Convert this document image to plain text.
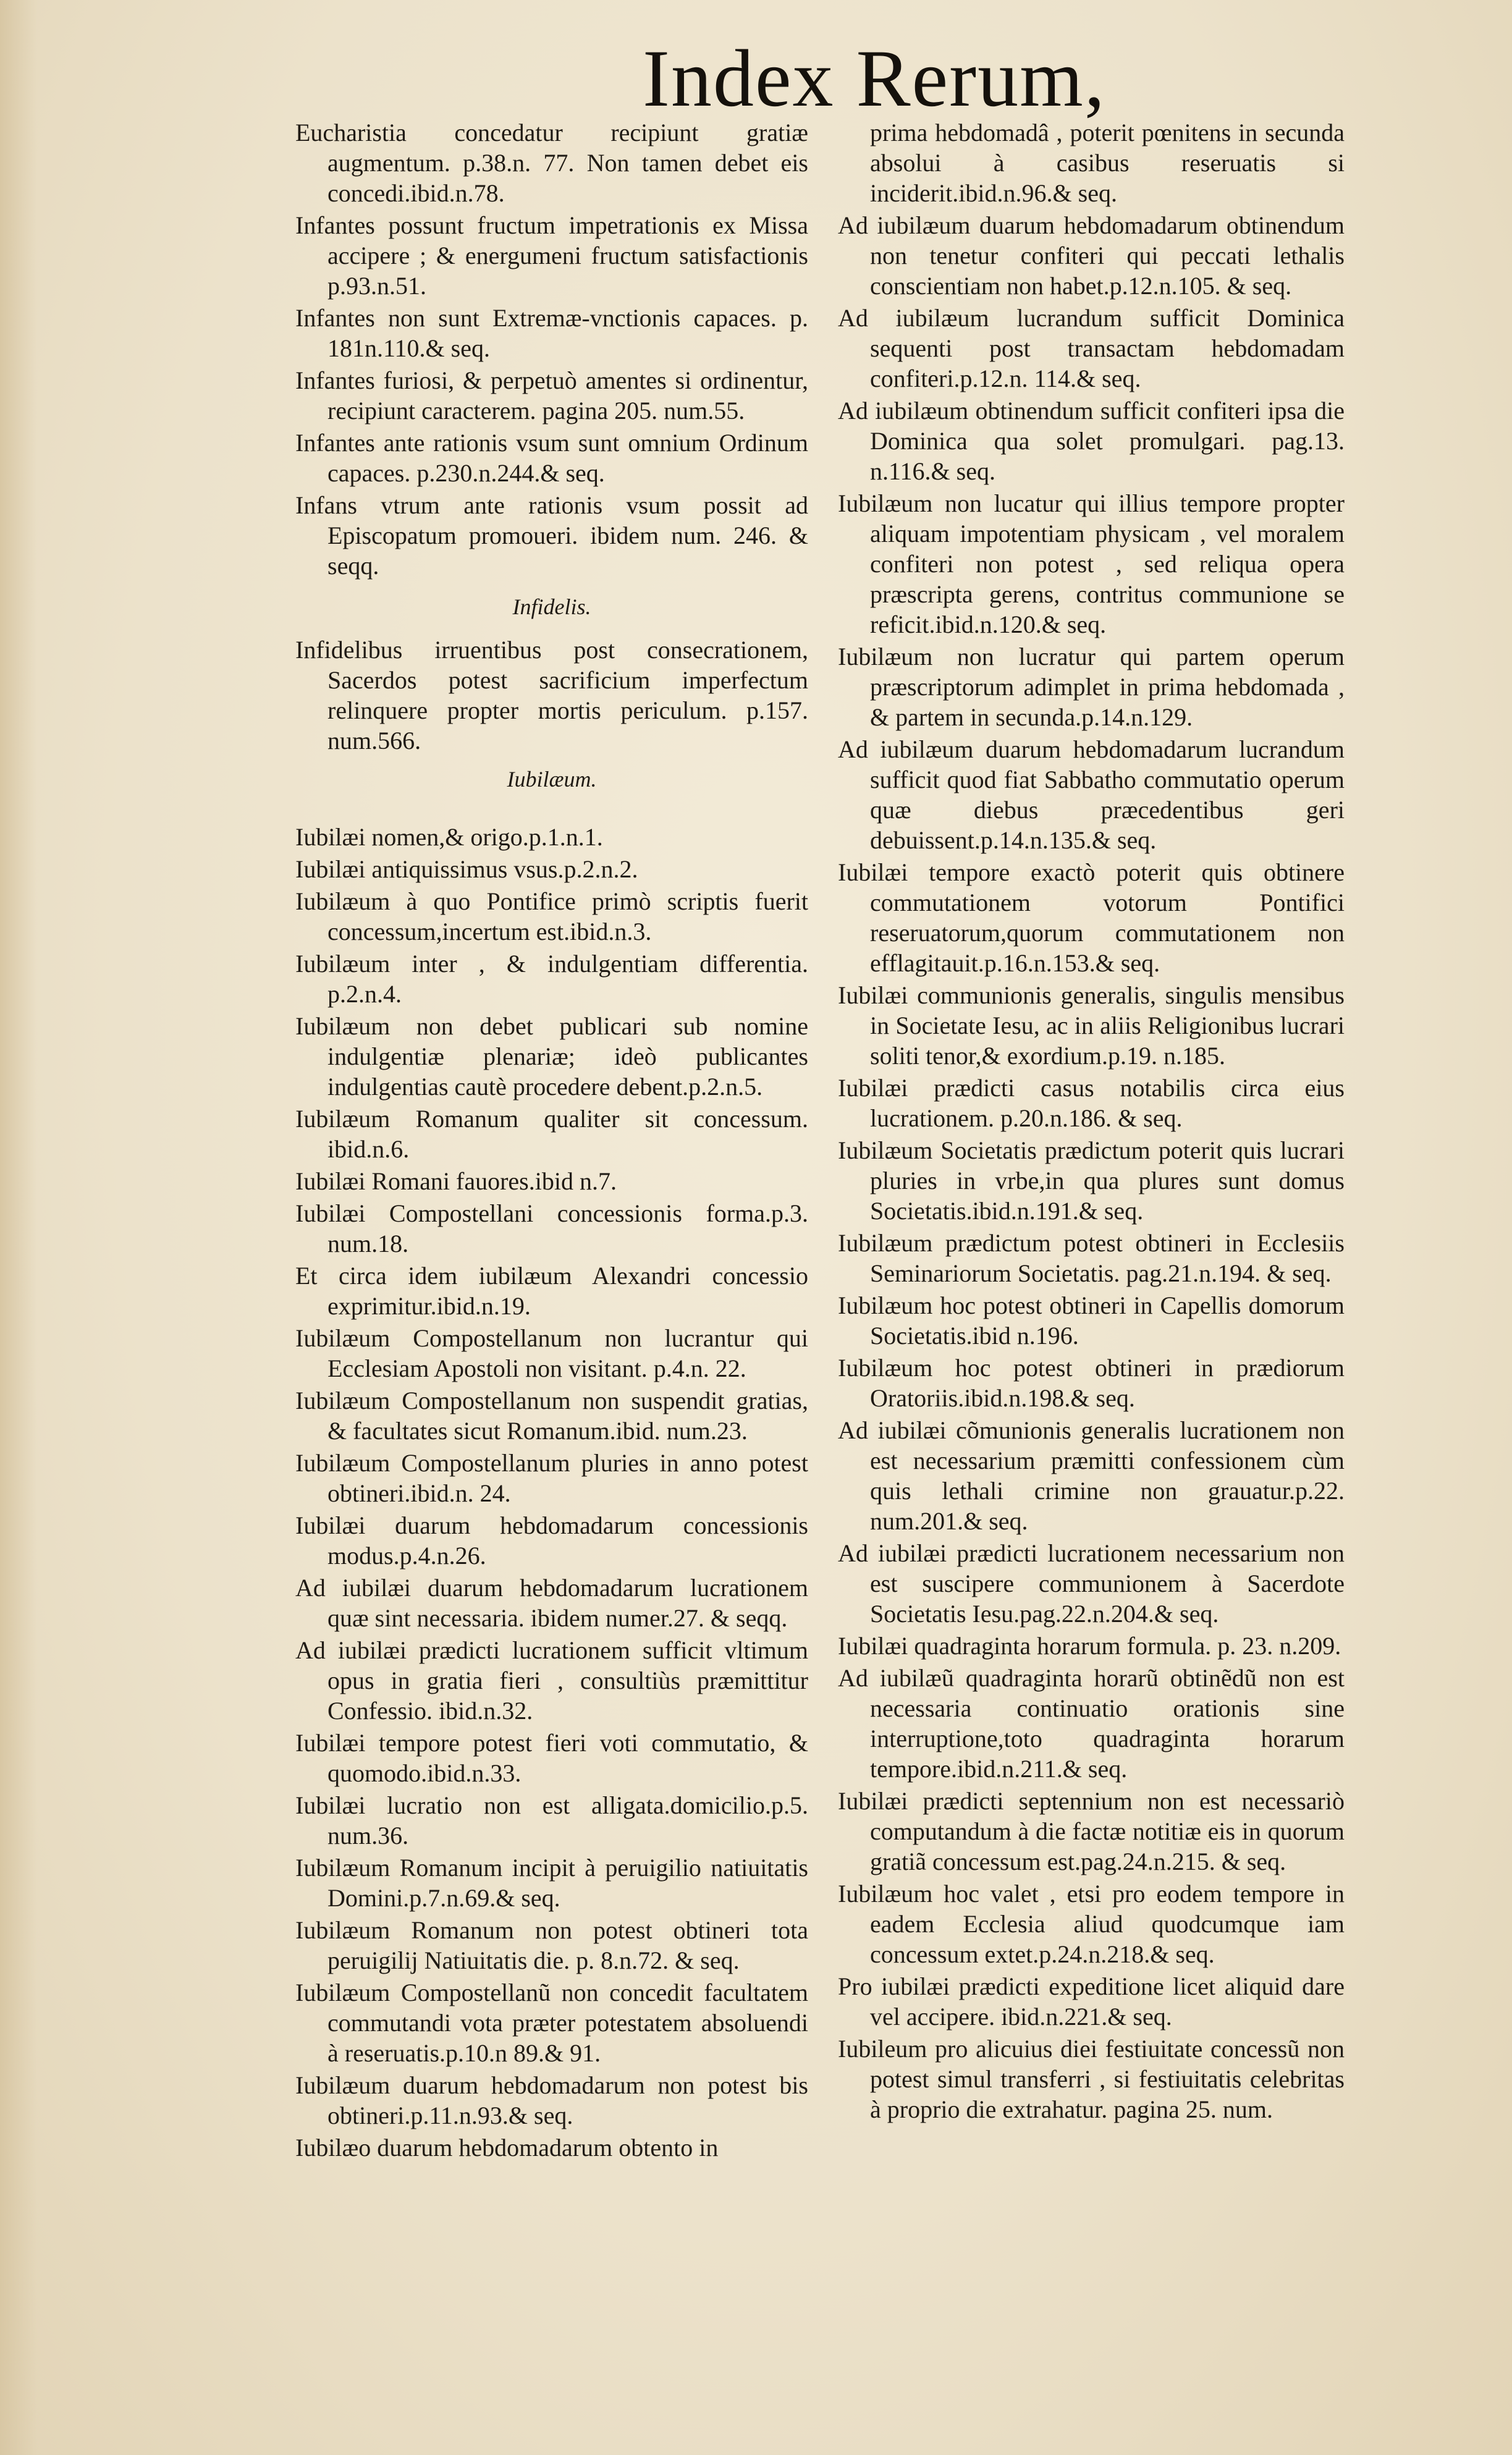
Index Rerum,

Eucharistia concedatur recipiunt gratiæ augmentum. p.38.n. 77. Non tamen debet eis concedi.ibid.n.78.

Infantes possunt fructum impetrationis ex Missa accipere ; & energumeni fructum satisfactionis p.93.n.51.

Infantes non sunt Extremæ-vnctionis capaces. p. 181n.110.& seq.

Infantes furiosi, & perpetuò amentes si ordinentur, recipiunt caracterem. pagina 205. num.55.

Infantes ante rationis vsum sunt omnium Ordinum capaces. p.230.n.244.& seq.

Infans vtrum ante rationis vsum possit ad Episcopatum promoueri. ibidem num. 246. & seqq.

Infidelis.

Infidelibus irruentibus post consecrationem, Sacerdos potest sacrificium imperfectum relinquere propter mortis periculum. p.157. num.566.

Iubilæum.

Iubilæi nomen,& origo.p.1.n.1.

Iubilæi antiquissimus vsus.p.2.n.2.

Iubilæum à quo Pontifice primò scriptis fuerit concessum,incertum est.ibid.n.3.

Iubilæum inter , & indulgentiam differentia. p.2.n.4.

Iubilæum non debet publicari sub nomine indulgentiæ plenariæ; ideò publicantes indulgentias cautè procedere debent.p.2.n.5.

Iubilæum Romanum qualiter sit concessum. ibid.n.6.

Iubilæi Romani fauores.ibid n.7.

Iubilæi Compostellani concessionis forma.p.3. num.18.

Et circa idem iubilæum Alexandri concessio exprimitur.ibid.n.19.

Iubilæum Compostellanum non lucrantur qui Ecclesiam Apostoli non visitant. p.4.n. 22.

Iubilæum Compostellanum non suspendit gratias, & facultates sicut Romanum.ibid. num.23.

Iubilæum Compostellanum pluries in anno potest obtineri.ibid.n. 24.

Iubilæi duarum hebdomadarum concessionis modus.p.4.n.26.

Ad iubilæi duarum hebdomadarum lucrationem quæ sint necessaria. ibidem numer.27. & seqq.

Ad iubilæi prædicti lucrationem sufficit vltimum opus in gratia fieri , consultiùs præmittitur Confessio. ibid.n.32.

Iubilæi tempore potest fieri voti commutatio, & quomodo.ibid.n.33.

Iubilæi lucratio non est alligata.domicilio.p.5. num.36.

Iubilæum Romanum incipit à peruigilio natiuitatis Domini.p.7.n.69.& seq.

Iubilæum Romanum non potest obtineri tota peruigilij Natiuitatis die. p. 8.n.72. & seq.

Iubilæum Compostellanũ non concedit facultatem commutandi vota præter potestatem absoluendi à reseruatis.p.10.n 89.& 91.

Iubilæum duarum hebdomadarum non potest bis obtineri.p.11.n.93.& seq.

Iubilæo duarum hebdomadarum obtento in

prima hebdomadâ , poterit pœnitens in secunda absolui à casibus reseruatis si inciderit.ibid.n.96.& seq.

Ad iubilæum duarum hebdomadarum obtinendum non tenetur confiteri qui peccati lethalis conscientiam non habet.p.12.n.105. & seq.

Ad iubilæum lucrandum sufficit Dominica sequenti post transactam hebdomadam confiteri.p.12.n. 114.& seq.

Ad iubilæum obtinendum sufficit confiteri ipsa die Dominica qua solet promulgari. pag.13. n.116.& seq.

Iubilæum non lucatur qui illius tempore propter aliquam impotentiam physicam , vel moralem confiteri non potest , sed reliqua opera præscripta gerens, contritus communione se reficit.ibid.n.120.& seq.

Iubilæum non lucratur qui partem operum præscriptorum adimplet in prima hebdomada , & partem in secunda.p.14.n.129.

Ad iubilæum duarum hebdomadarum lucrandum sufficit quod fiat Sabbatho commutatio operum quæ diebus præcedentibus geri debuissent.p.14.n.135.& seq.

Iubilæi tempore exactò poterit quis obtinere commutationem votorum Pontifici reseruatorum,quorum commutationem non efflagitauit.p.16.n.153.& seq.

Iubilæi communionis generalis, singulis mensibus in Societate Iesu, ac in aliis Religionibus lucrari soliti tenor,& exordium.p.19. n.185.

Iubilæi prædicti casus notabilis circa eius lucrationem. p.20.n.186. & seq.

Iubilæum Societatis prædictum poterit quis lucrari pluries in vrbe,in qua plures sunt domus Societatis.ibid.n.191.& seq.

Iubilæum prædictum potest obtineri in Ecclesiis Seminariorum Societatis. pag.21.n.194. & seq.

Iubilæum hoc potest obtineri in Capellis domorum Societatis.ibid n.196.

Iubilæum hoc potest obtineri in prædiorum Oratoriis.ibid.n.198.& seq.

Ad iubilæi cõmunionis generalis lucrationem non est necessarium præmitti confessionem cùm quis lethali crimine non grauatur.p.22. num.201.& seq.

Ad iubilæi prædicti lucrationem necessarium non est suscipere communionem à Sacerdote Societatis Iesu.pag.22.n.204.& seq.

Iubilæi quadraginta horarum formula. p. 23. n.209.

Ad iubilæũ quadraginta horarũ obtinẽdũ non est necessaria continuatio orationis sine interruptione,toto quadraginta horarum tempore.ibid.n.211.& seq.

Iubilæi prædicti septennium non est necessariò computandum à die factæ notitiæ eis in quorum gratiã concessum est.pag.24.n.215. & seq.

Iubilæum hoc valet , etsi pro eodem tempore in eadem Ecclesia aliud quodcumque iam concessum extet.p.24.n.218.& seq.

Pro iubilæi prædicti expeditione licet aliquid dare vel accipere. ibid.n.221.& seq.

Iubileum pro alicuius diei festiuitate concessũ non potest simul transferri , si festiuitatis celebritas à proprio die extrahatur. pagina 25. num.
